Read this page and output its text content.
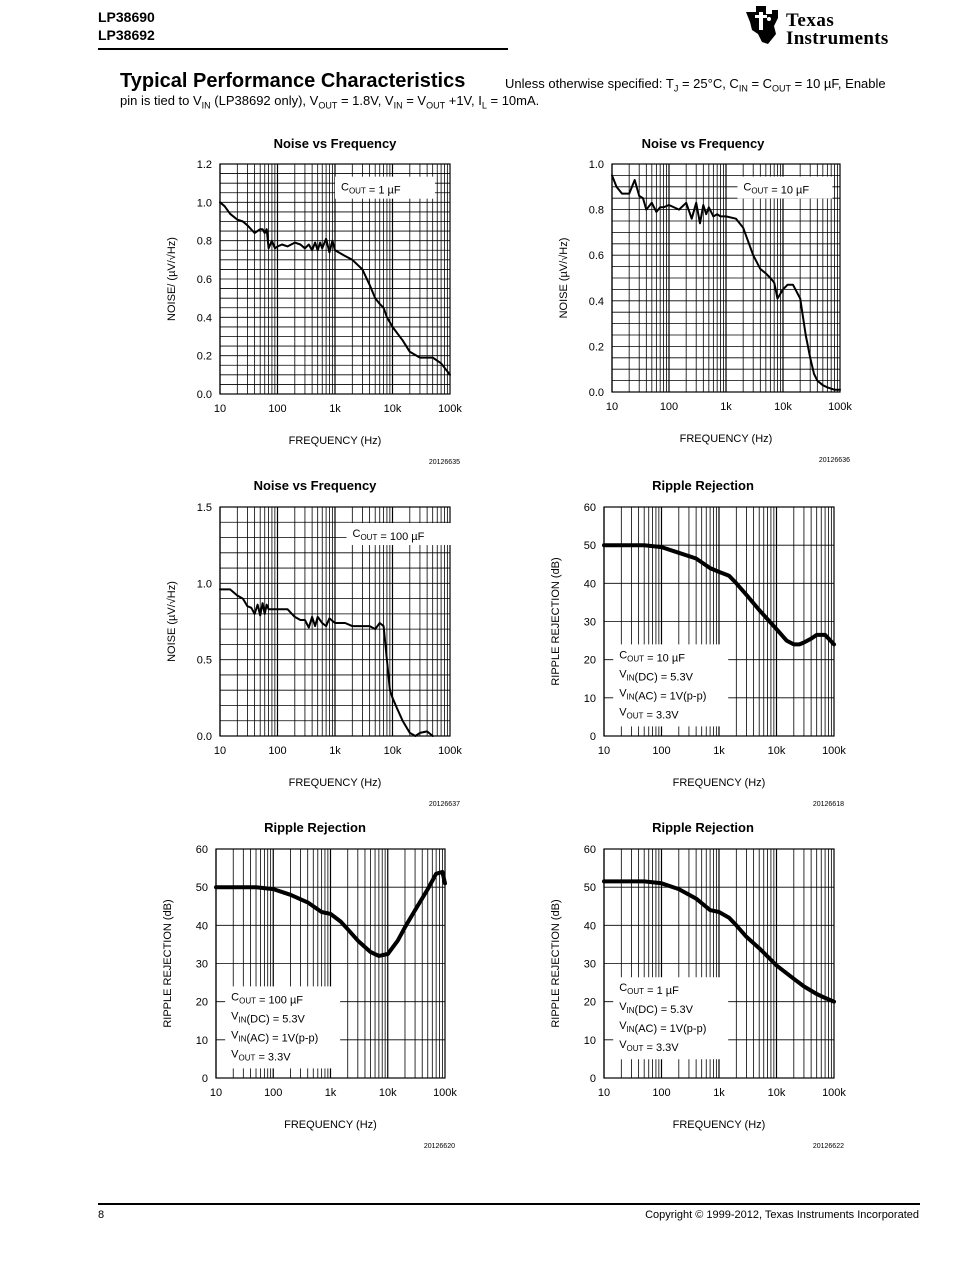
LP38690
LP38692
Texas
Instruments
Typical Performance Characteristics	Unless otherwise specified: $T_J = 25^\circ C$, $C_{IN} = C_{OUT} = 10$ µF, Enable
pin is tied to $V_{IN}$ (LP38692 only), $V_{OUT} = 1.8V$, $V_{IN} = V_{OUT} +1V$, $I_L = 10mA$.
Noise vs Frequency
0.0
0.2
0.4
0.6
0.8
1.0
1.2
10	100	1k	10k	100k
FREQUENCY (Hz)
NOISE/ (µV/√Hz)
20126635
$C_{OUT} = 1$ µF
Noise vs Frequency
0.0
0.2
0.4
0.6
0.8
1.0
10	100	1k	10k	100k
FREQUENCY (Hz)
NOISE (µV/√Hz)
20126636
$C_{OUT} = 10$ µF
Noise vs Frequency
0.0
0.5
1.0
1.5
10	100	1k	10k	100k
FREQUENCY (Hz)
NOISE (µV/√Hz)
20126637
$C_{OUT} = 100$ µF
Ripple Rejection
0
10
20
30
40
50
60
10	100	1k	10k	100k
FREQUENCY (Hz)
RIPPLE REJECTION (dB)
20126618
$C_{OUT} = 10$ µF
$V_{IN}(DC) = 5.3V$
$V_{IN}(AC) = 1V(p-p)$
$V_{OUT} = 3.3V$
Ripple Rejection
0
10
20
30
40
50
60
10	100	1k	10k	100k
FREQUENCY (Hz)
RIPPLE REJECTION (dB)
20126620
$C_{OUT} = 100$ µF
$V_{IN}(DC) = 5.3V$
$V_{IN}(AC) = 1V(p-p)$
$V_{OUT} = 3.3V$
Ripple Rejection
0
10
20
30
40
50
60
10	100	1k	10k	100k
FREQUENCY (Hz)
RIPPLE REJECTION (dB)
20126622
$C_{OUT} = 1$ µF
$V_{IN}(DC) = 5.3V$
$V_{IN}(AC) = 1V(p-p)$
$V_{OUT} = 3.3V$
8	Copyright © 1999-2012, Texas Instruments Incorporated
